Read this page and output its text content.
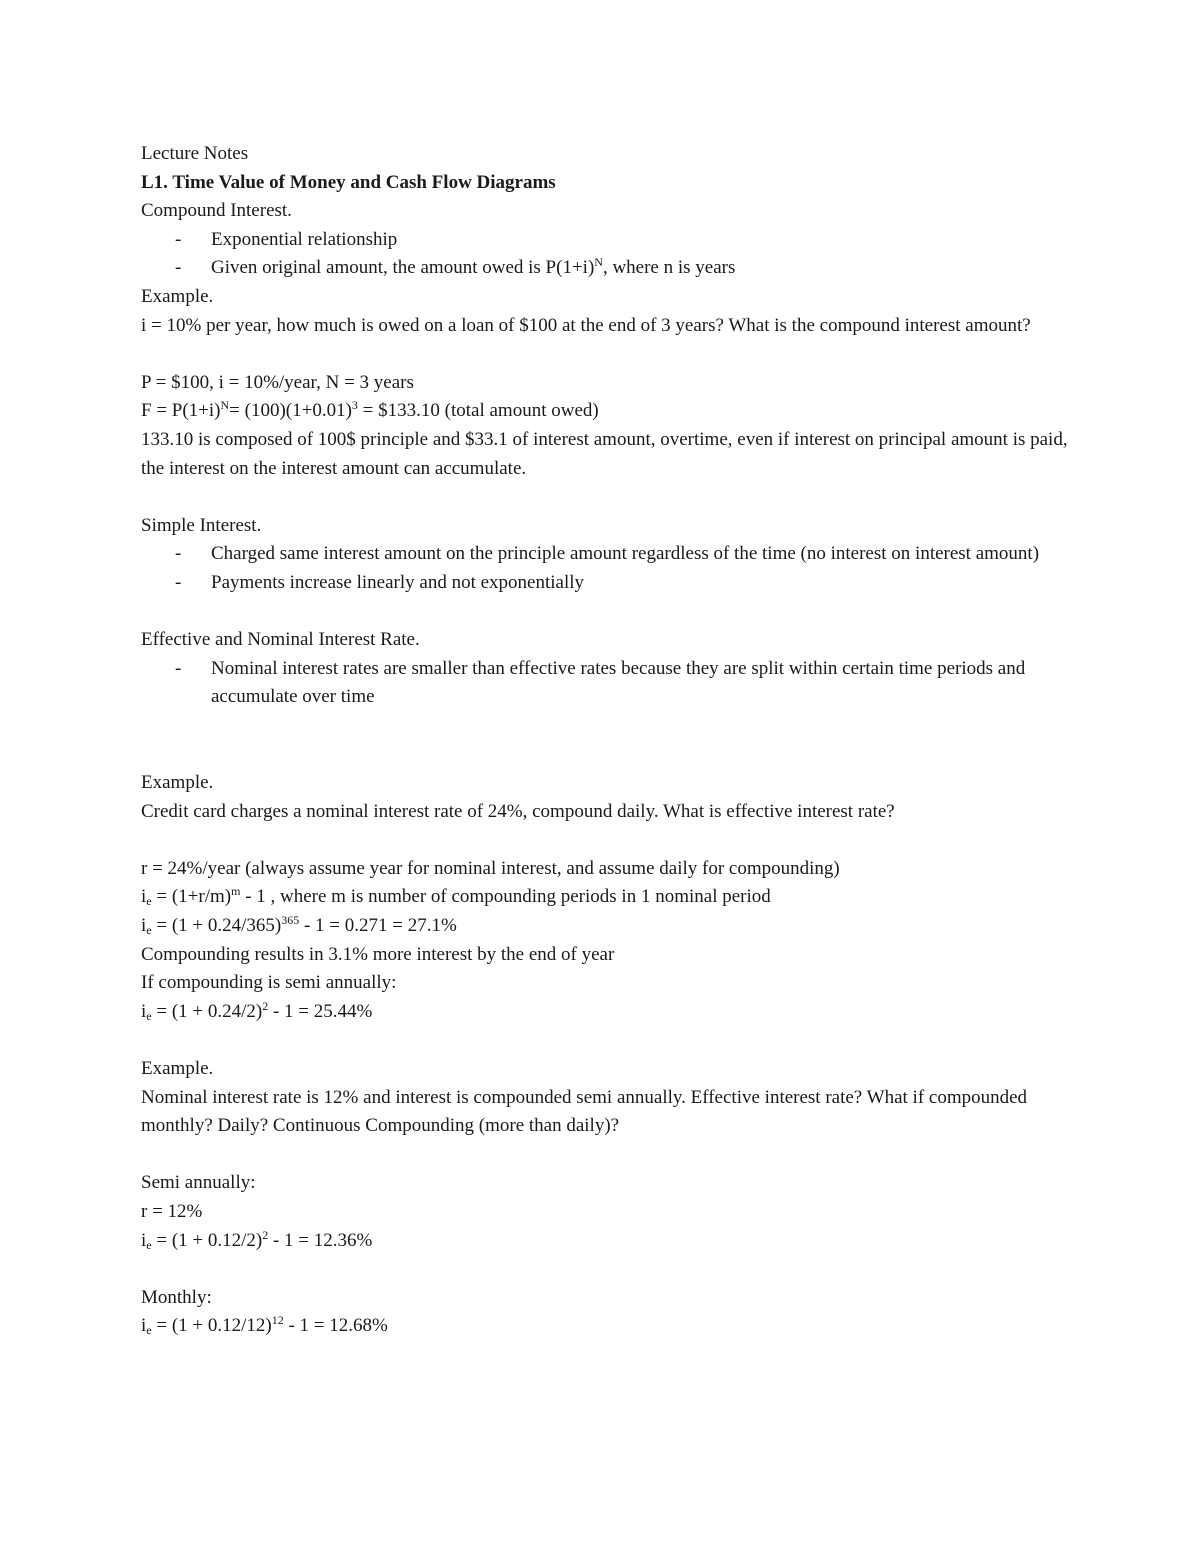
Lecture Notes

L1. Time Value of Money and Cash Flow Diagrams

Compound Interest.

- Exponential relationship
- Given original amount, the amount owed is $P(1+i)^N$, where n is years

Example.

i = 10% per year, how much is owed on a loan of $100 at the end of 3 years? What is the compound interest amount?

P = $100, i = 10%/year, N = 3 years

$F = P(1+i)^N= (100)(1+0.01)^3$ = $133.10 (total amount owed)

133.10 is composed of 100$ principle and $33.1 of interest amount, overtime, even if interest on principal amount is paid, the interest on the interest amount can accumulate.

Simple Interest.

- Charged same interest amount on the principle amount regardless of the time (no interest on interest amount)
- Payments increase linearly and not exponentially

Effective and Nominal Interest Rate.

- Nominal interest rates are smaller than effective rates because they are split within certain time periods and accumulate over time

Example.

Credit card charges a nominal interest rate of 24%, compound daily. What is effective interest rate?

r = 24%/year (always assume year for nominal interest, and assume daily for compounding)

$i_e = (1+r/m)^m - 1$ , where m is number of compounding periods in 1 nominal period

$i_e = (1 + 0.24/365)^{365} - 1 = 0.271 = 27.1\%$

Compounding results in 3.1% more interest by the end of year

If compounding is semi annually:

$i_e = (1 + 0.24/2)^2 - 1 = 25.44\%$

Example.

Nominal interest rate is 12% and interest is compounded semi annually. Effective interest rate? What if compounded monthly? Daily? Continuous Compounding (more than daily)?

Semi annually:

r = 12%

$i_e = (1 + 0.12/2)^2 - 1 = 12.36\%$

Monthly:

$i_e = (1 + 0.12/12)^{12} - 1 = 12.68\%$
